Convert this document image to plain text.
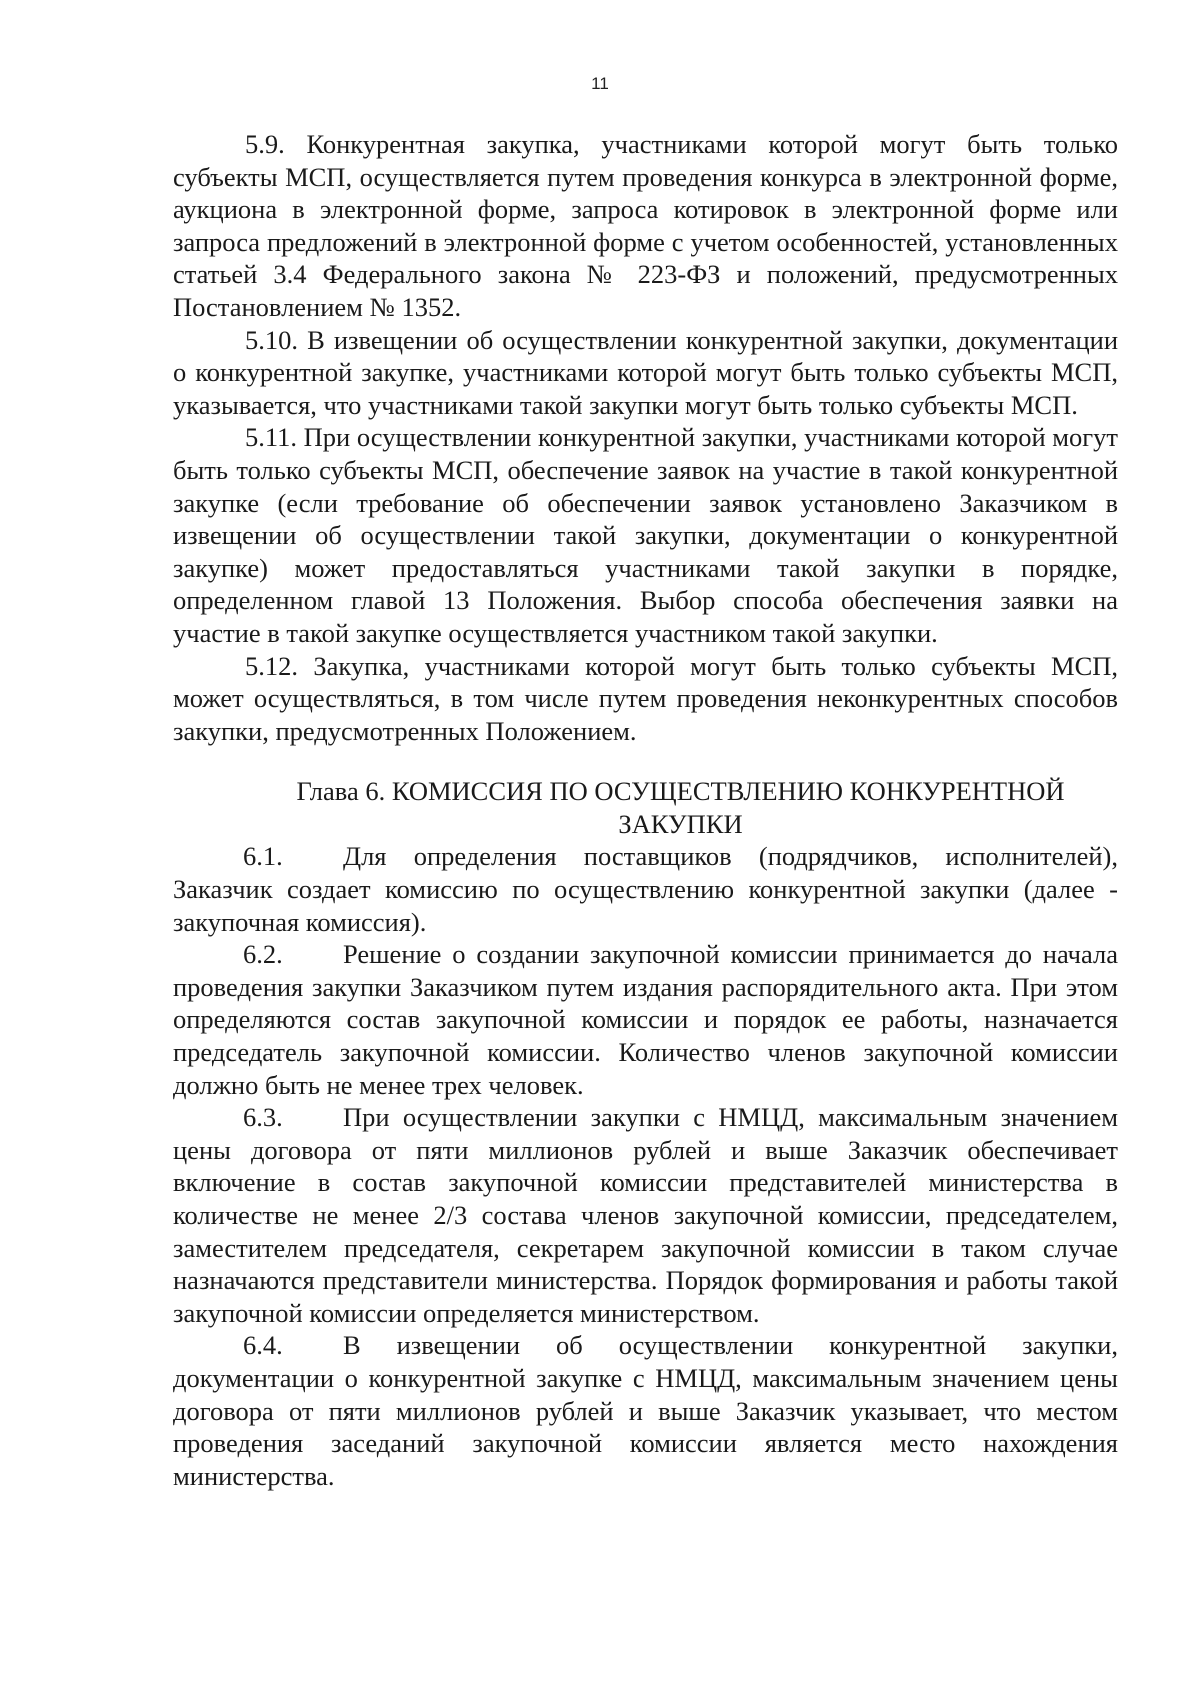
11

5.9. Конкурентная закупка, участниками которой могут быть только субъекты МСП, осуществляется путем проведения конкурса в электронной форме, аукциона в электронной форме, запроса котировок в электронной форме или запроса предложений в электронной форме с учетом особенностей, установленных статьей 3.4 Федерального закона № 223-ФЗ и положений, предусмотренных Постановлением № 1352.

5.10. В извещении об осуществлении конкурентной закупки, документации о конкурентной закупке, участниками которой могут быть только субъекты МСП, указывается, что участниками такой закупки могут быть только субъекты МСП.

5.11. При осуществлении конкурентной закупки, участниками которой могут быть только субъекты МСП, обеспечение заявок на участие в такой конкурентной закупке (если требование об обеспечении заявок установлено Заказчиком в извещении об осуществлении такой закупки, документации о конкурентной закупке) может предоставляться участниками такой закупки в порядке, определенном главой 13 Положения. Выбор способа обеспечения заявки на участие в такой закупке осуществляется участником такой закупки.

5.12. Закупка, участниками которой могут быть только субъекты МСП, может осуществляться, в том числе путем проведения неконкурентных способов закупки, предусмотренных Положением.

Глава 6. КОМИССИЯ ПО ОСУЩЕСТВЛЕНИЮ КОНКУРЕНТНОЙ
ЗАКУПКИ

6.1. Для определения поставщиков (подрядчиков, исполнителей), Заказчик создает комиссию по осуществлению конкурентной закупки (далее - закупочная комиссия).

6.2. Решение о создании закупочной комиссии принимается до начала проведения закупки Заказчиком путем издания распорядительного акта. При этом определяются состав закупочной комиссии и порядок ее работы, назначается председатель закупочной комиссии. Количество членов закупочной комиссии должно быть не менее трех человек.

6.3. При осуществлении закупки с НМЦД, максимальным значением цены договора от пяти миллионов рублей и выше Заказчик обеспечивает включение в состав закупочной комиссии представителей министерства в количестве не менее 2/3 состава членов закупочной комиссии, председателем, заместителем председателя, секретарем закупочной комиссии в таком случае назначаются представители министерства. Порядок формирования и работы такой закупочной комиссии определяется министерством.

6.4. В извещении об осуществлении конкурентной закупки, документации о конкурентной закупке с НМЦД, максимальным значением цены договора от пяти миллионов рублей и выше Заказчик указывает, что местом проведения заседаний закупочной комиссии является место нахождения министерства.
